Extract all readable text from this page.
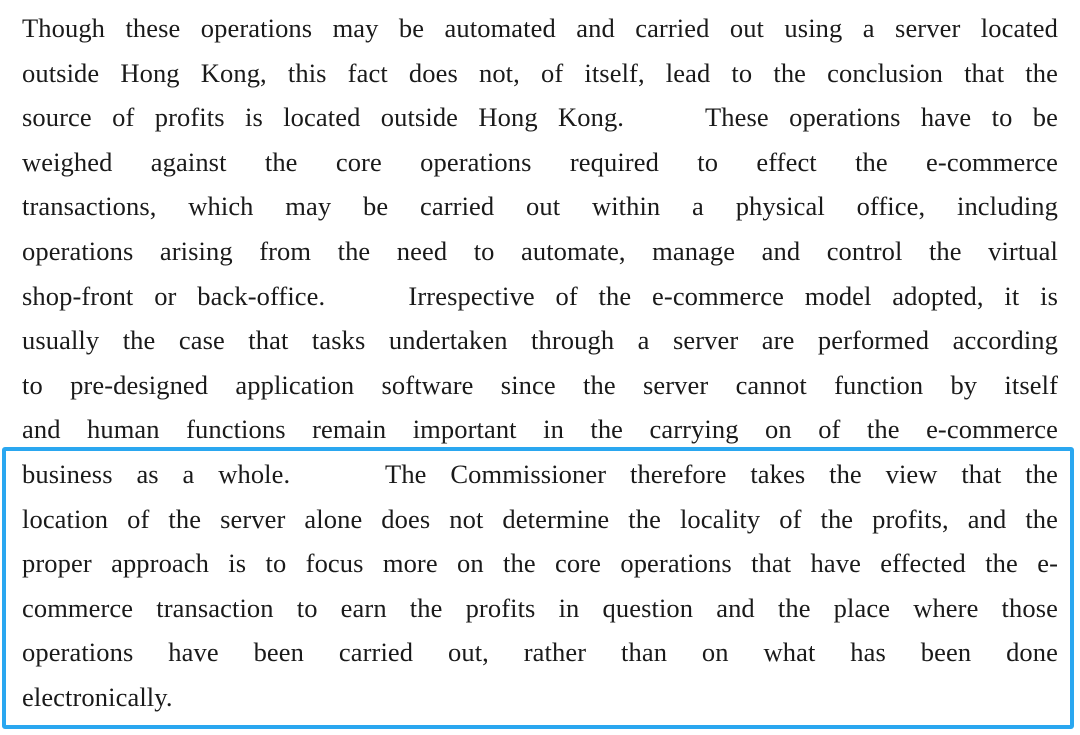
Though these operations may be automated and carried out using a server located
outside Hong Kong, this fact does not, of itself, lead to the conclusion that the
source of profits is located outside Hong Kong.    These operations have to be
weighed against the core operations required to effect the e-commerce
transactions, which may be carried out within a physical office, including
operations arising from the need to automate, manage and control the virtual
shop-front or back-office.    Irrespective of the e-commerce model adopted, it is
usually the case that tasks undertaken through a server are performed according
to pre-designed application software since the server cannot function by itself
and human functions remain important in the carrying on of the e-commerce
business as a whole.    The Commissioner therefore takes the view that the
location of the server alone does not determine the locality of the profits, and the
proper approach is to focus more on the core operations that have effected the e-
commerce transaction to earn the profits in question and the place where those
operations have been carried out, rather than on what has been done
electronically.
